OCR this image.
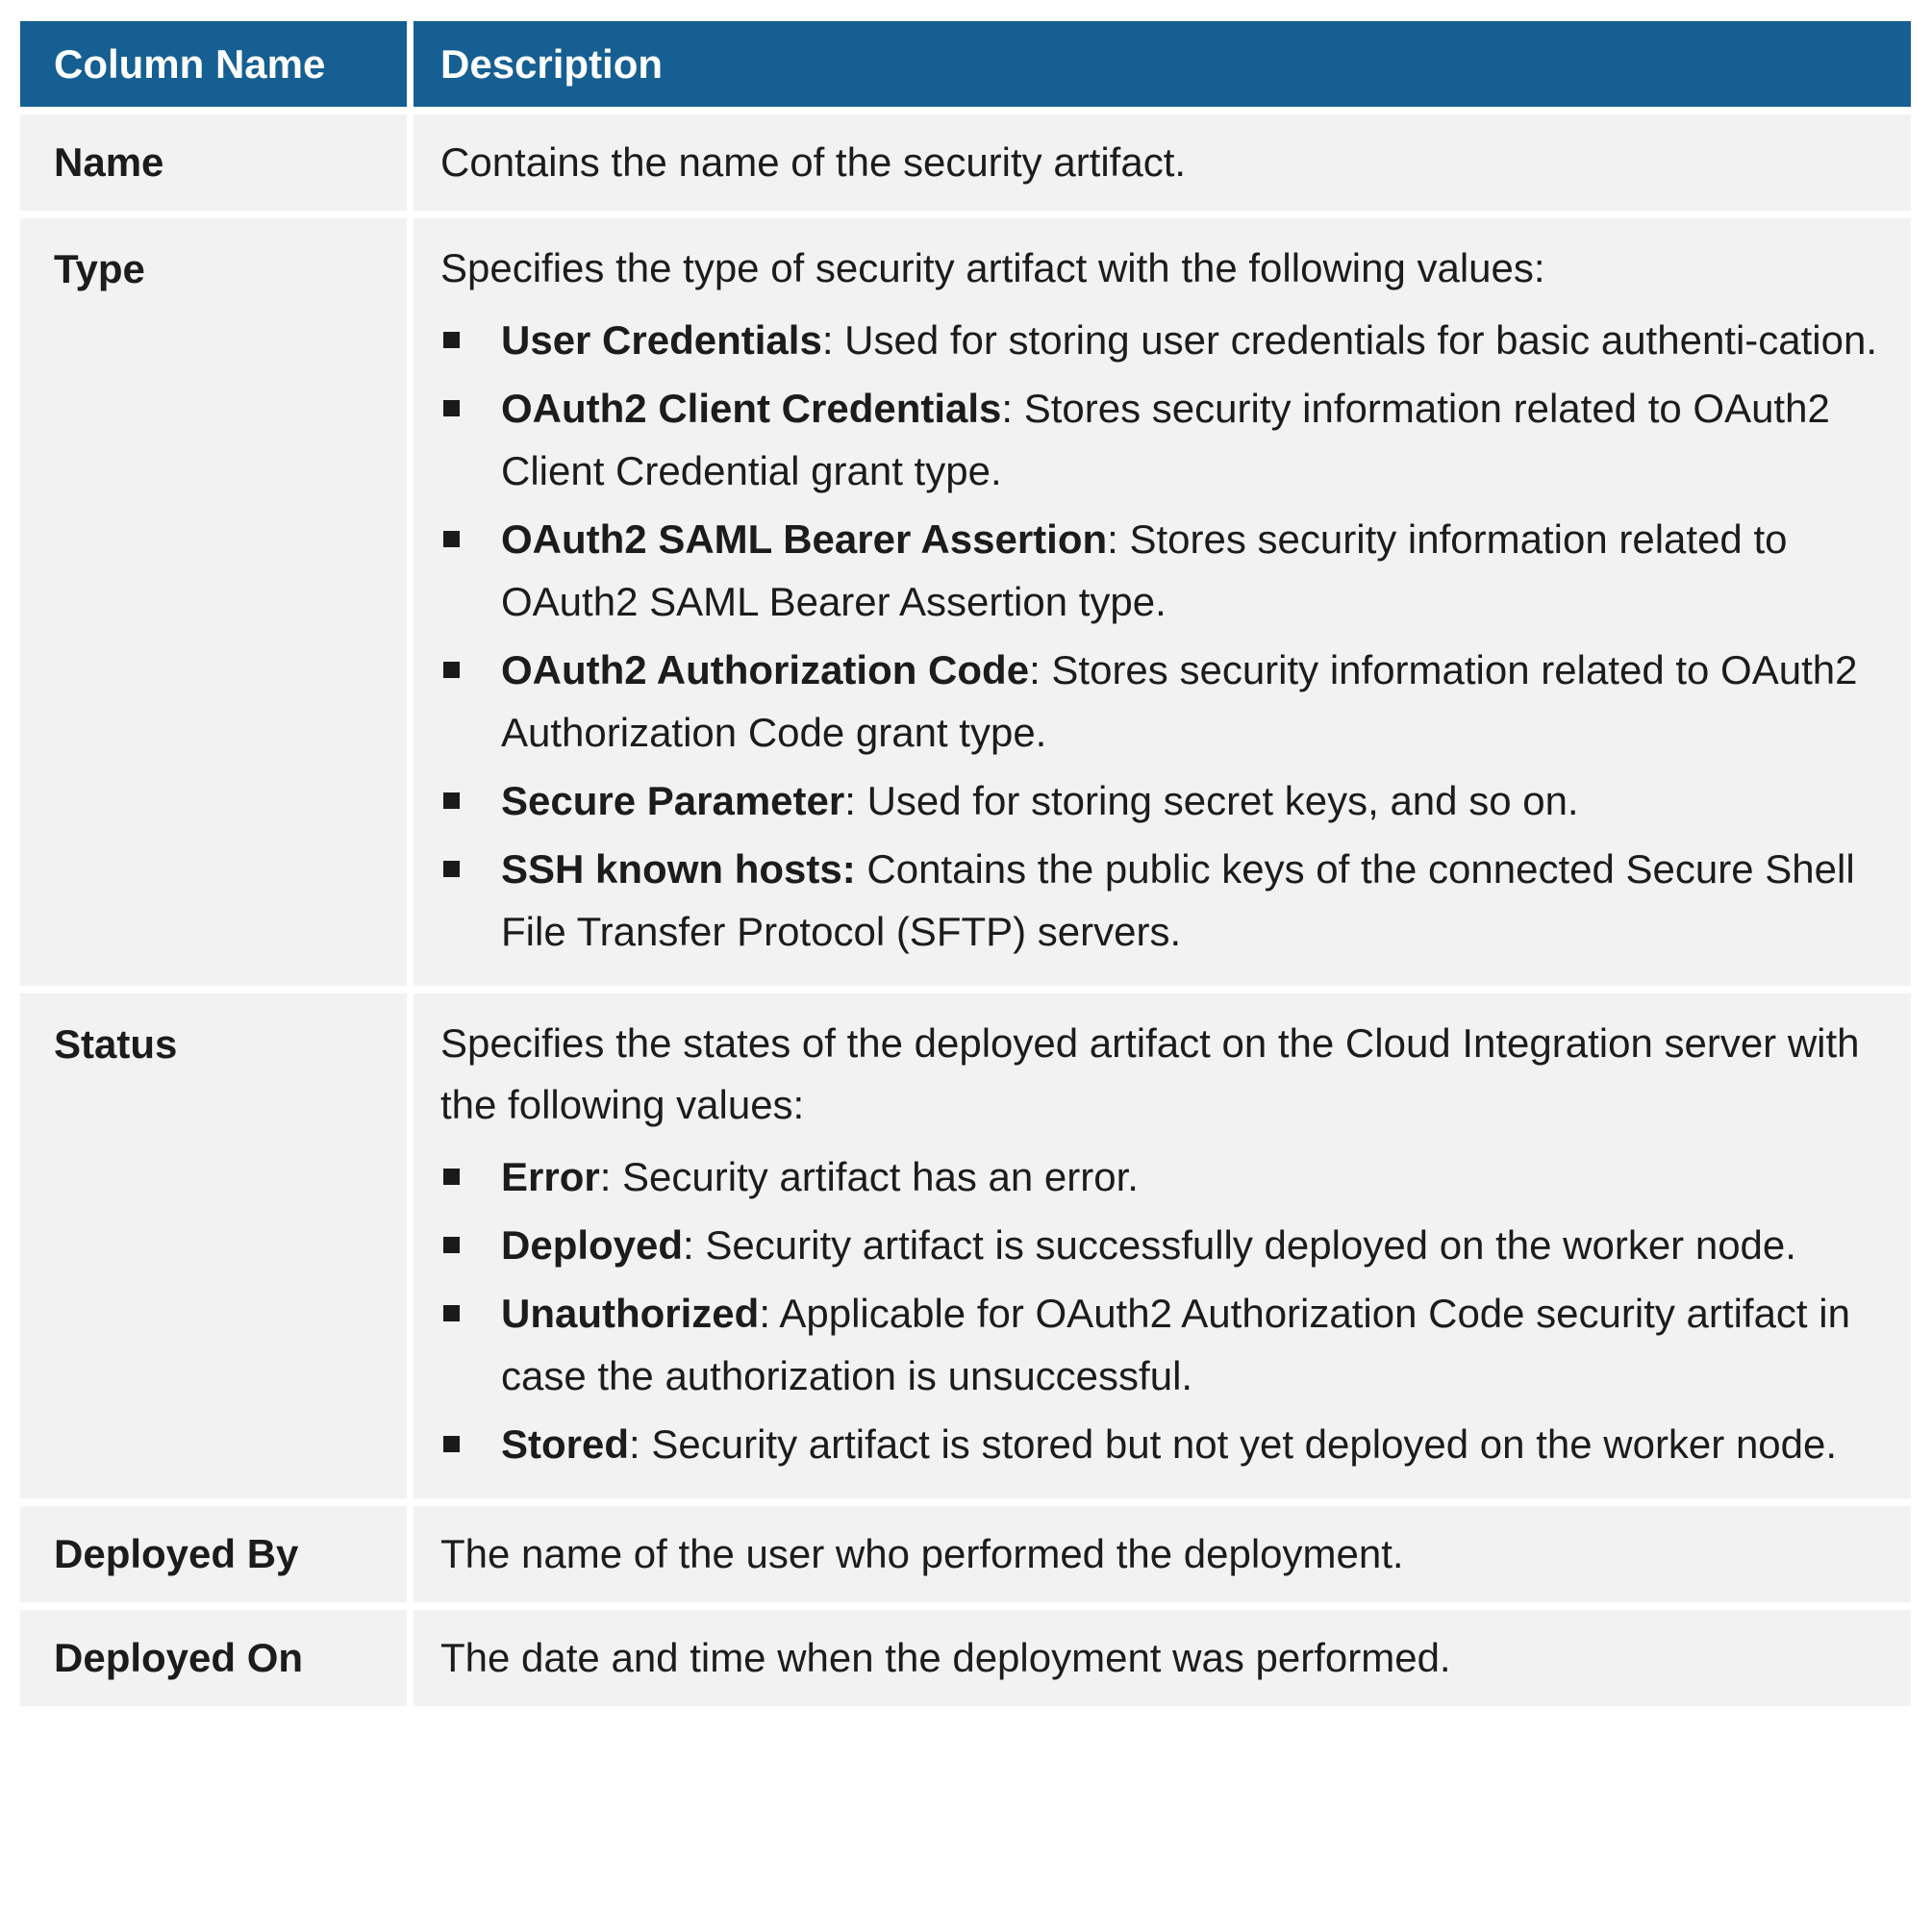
Column Name	Description
Name	Contains the name of the security artifact.
Type	Specifies the type of security artifact with the following values:

User Credentials: Used for storing user credentials for basic authenti-cation.
OAuth2 Client Credentials: Stores security information related to OAuth2 Client Credential grant type.
OAuth2 SAML Bearer Assertion: Stores security information related to OAuth2 SAML Bearer Assertion type.
OAuth2 Authorization Code: Stores security information related to OAuth2 Authorization Code grant type.
Secure Parameter: Used for storing secret keys, and so on.
SSH known hosts: Contains the public keys of the connected Secure Shell File Transfer Protocol (SFTP) servers.
Status	Specifies the states of the deployed artifact on the Cloud Integration server with the following values:

Error: Security artifact has an error.
Deployed: Security artifact is successfully deployed on the worker node.
Unauthorized: Applicable for OAuth2 Authorization Code security artifact in case the authorization is unsuccessful.
Stored: Security artifact is stored but not yet deployed on the worker node.
Deployed By	The name of the user who performed the deployment.
Deployed On	The date and time when the deployment was performed.
